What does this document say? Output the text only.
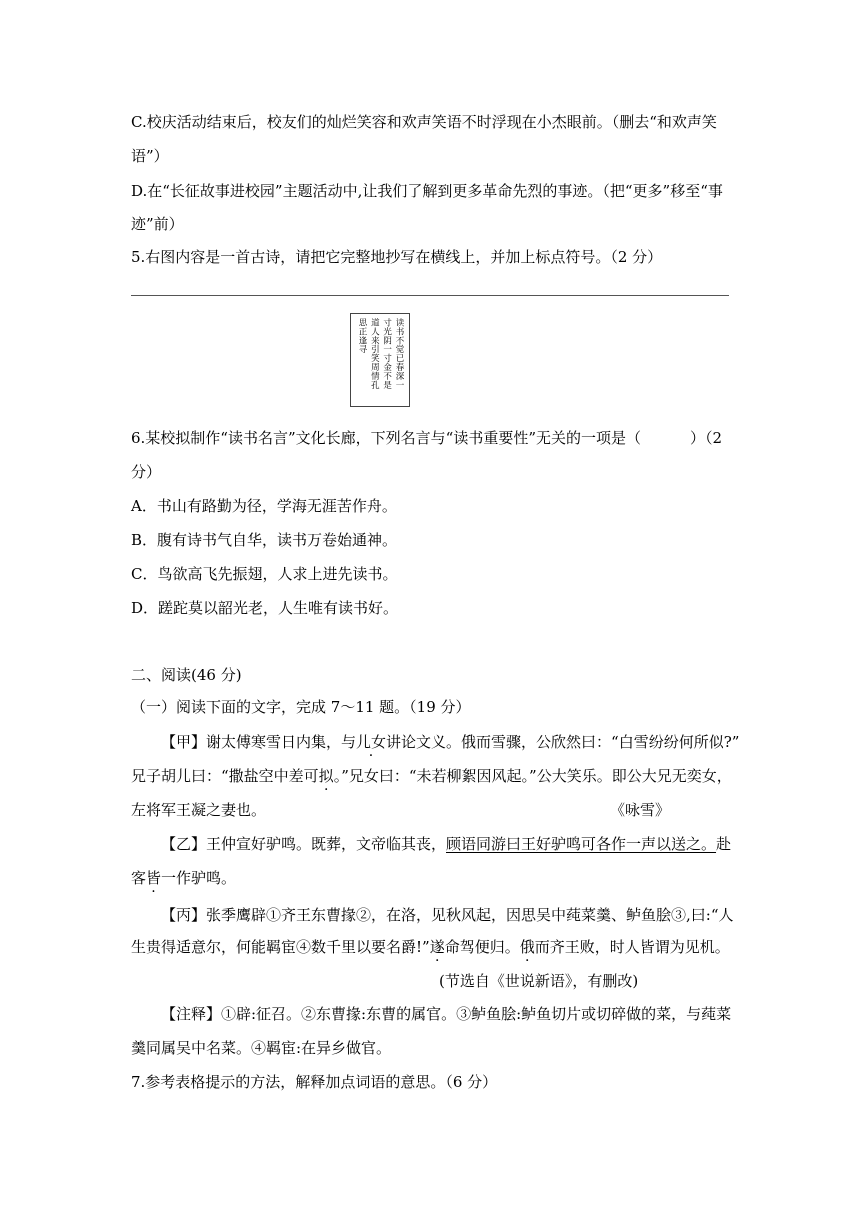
C.校庆活动结束后，校友们的灿烂笑容和欢声笑语不时浮现在小杰眼前。（删去“和欢声笑
语”）
D.在“长征故事进校园”主题活动中,让我们了解到更多革命先烈的事迹。（把“更多”移至“事
迹”前）
5.右图内容是一首古诗，请把它完整地抄写在横线上，并加上标点符号。（2 分）
读书不觉已春深一
寸光阴一寸金不是
道人来引笑周情孔
思正逢寻
6.某校拟制作“读书名言”文化长廊，下列名言与“读书重要性”无关的一项是（	）（2
分）
A．书山有路勤为径，学海无涯苦作舟。
B．腹有诗书气自华，读书万卷始通神。
C．鸟欲高飞先振翅，人求上进先读书。
D．蹉跎莫以韶光老，人生唯有读书好。
二、阅读(46 分)
（一）阅读下面的文字，完成 7～11 题。（19 分）
【甲】谢太傅寒雪日内集，与儿女讲论文义。俄而雪骤，公欣然曰：“白雪纷纷何所似?”
兄子胡儿曰：“撒盐空中差可拟。”兄女曰：“未若柳絮因风起。”公大笑乐。即公大兄无奕女，
左将军王凝之妻也。	《咏雪》
【乙】王仲宣好驴鸣。既葬，文帝临其丧，顾语同游曰王好驴鸣可各作一声以送之。赴
客皆一作驴鸣。
【丙】张季鹰辟①齐王东曹掾②，在洛，见秋风起，因思吴中莼菜羹、鲈鱼脍③,曰:“人
生贵得适意尔，何能羁宦④数千里以要名爵!”遂命驾便归。俄而齐王败，时人皆谓为见机。
(节选自《世说新语》，有删改)
【注释】①辟:征召。②东曹掾:东曹的属官。③鲈鱼脍:鲈鱼切片或切碎做的菜，与莼菜
羹同属吴中名菜。④羁宦:在异乡做官。
7.参考表格提示的方法，解释加点词语的意思。（6 分）
